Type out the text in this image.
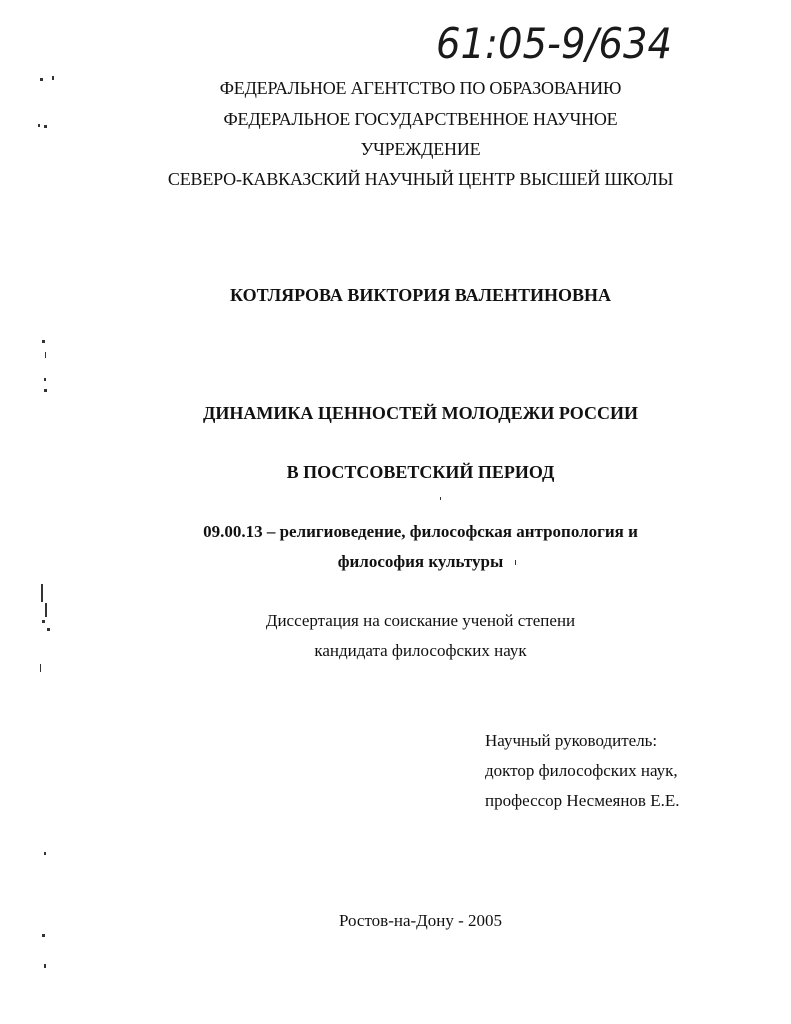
61:05-9/634
ФЕДЕРАЛЬНОЕ АГЕНТСТВО ПО ОБРАЗОВАНИЮ
ФЕДЕРАЛЬНОЕ ГОСУДАРСТВЕННОЕ НАУЧНОЕ
УЧРЕЖДЕНИЕ
СЕВЕРО-КАВКАЗСКИЙ НАУЧНЫЙ ЦЕНТР ВЫСШЕЙ ШКОЛЫ
КОТЛЯРОВА ВИКТОРИЯ ВАЛЕНТИНОВНА
ДИНАМИКА ЦЕННОСТЕЙ МОЛОДЕЖИ РОССИИ
В ПОСТСОВЕТСКИЙ ПЕРИОД
09.00.13 – религиоведение, философская антропология и
философия культуры
Диссертация на соискание ученой степени
кандидата философских наук
Научный руководитель:
доктор философских наук,
профессор Несмеянов Е.Е.
Ростов-на-Дону - 2005
